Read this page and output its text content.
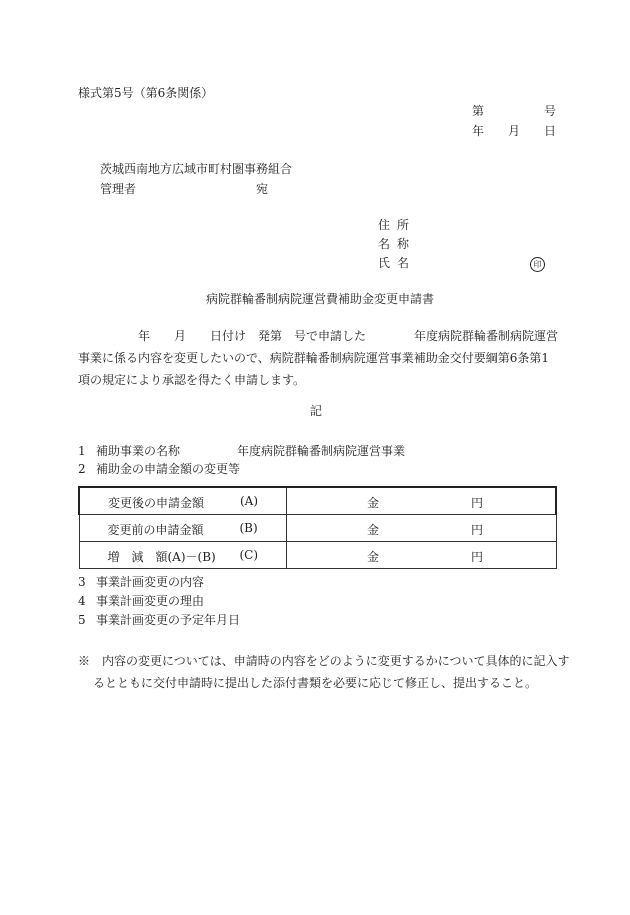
様式第5号（第6条関係）
第　　　　　号
年　　月　　日
茨城西南地方広域市町村圏事務組合
管理者	宛
住所
名称
氏名	印
病院群輪番制病院運営費補助金変更申請書
　　　　　年　　月　　日付け　発第　号で申請した　　　　年度病院群輪番制病院運営事業に係る内容を変更したいので、病院群輪番制病院運営事業補助金交付要綱第6条第1項の規定により承認を得たく申請します。
記
1 補助事業の名称	年度病院群輪番制病院運営事業
2 補助金の申請金額の変更等
変更後の申請金額 (A)	金 円

変更前の申請金額 (B)	金 円

増　減　額(A)－(B) (C)	金 円
3 事業計画変更の内容
4 事業計画変更の理由
5 事業計画変更の予定年月日
※　内容の変更については、申請時の内容をどのように変更するかについて具体的に記入するとともに交付申請時に提出した添付書類を必要に応じて修正し、提出すること。
